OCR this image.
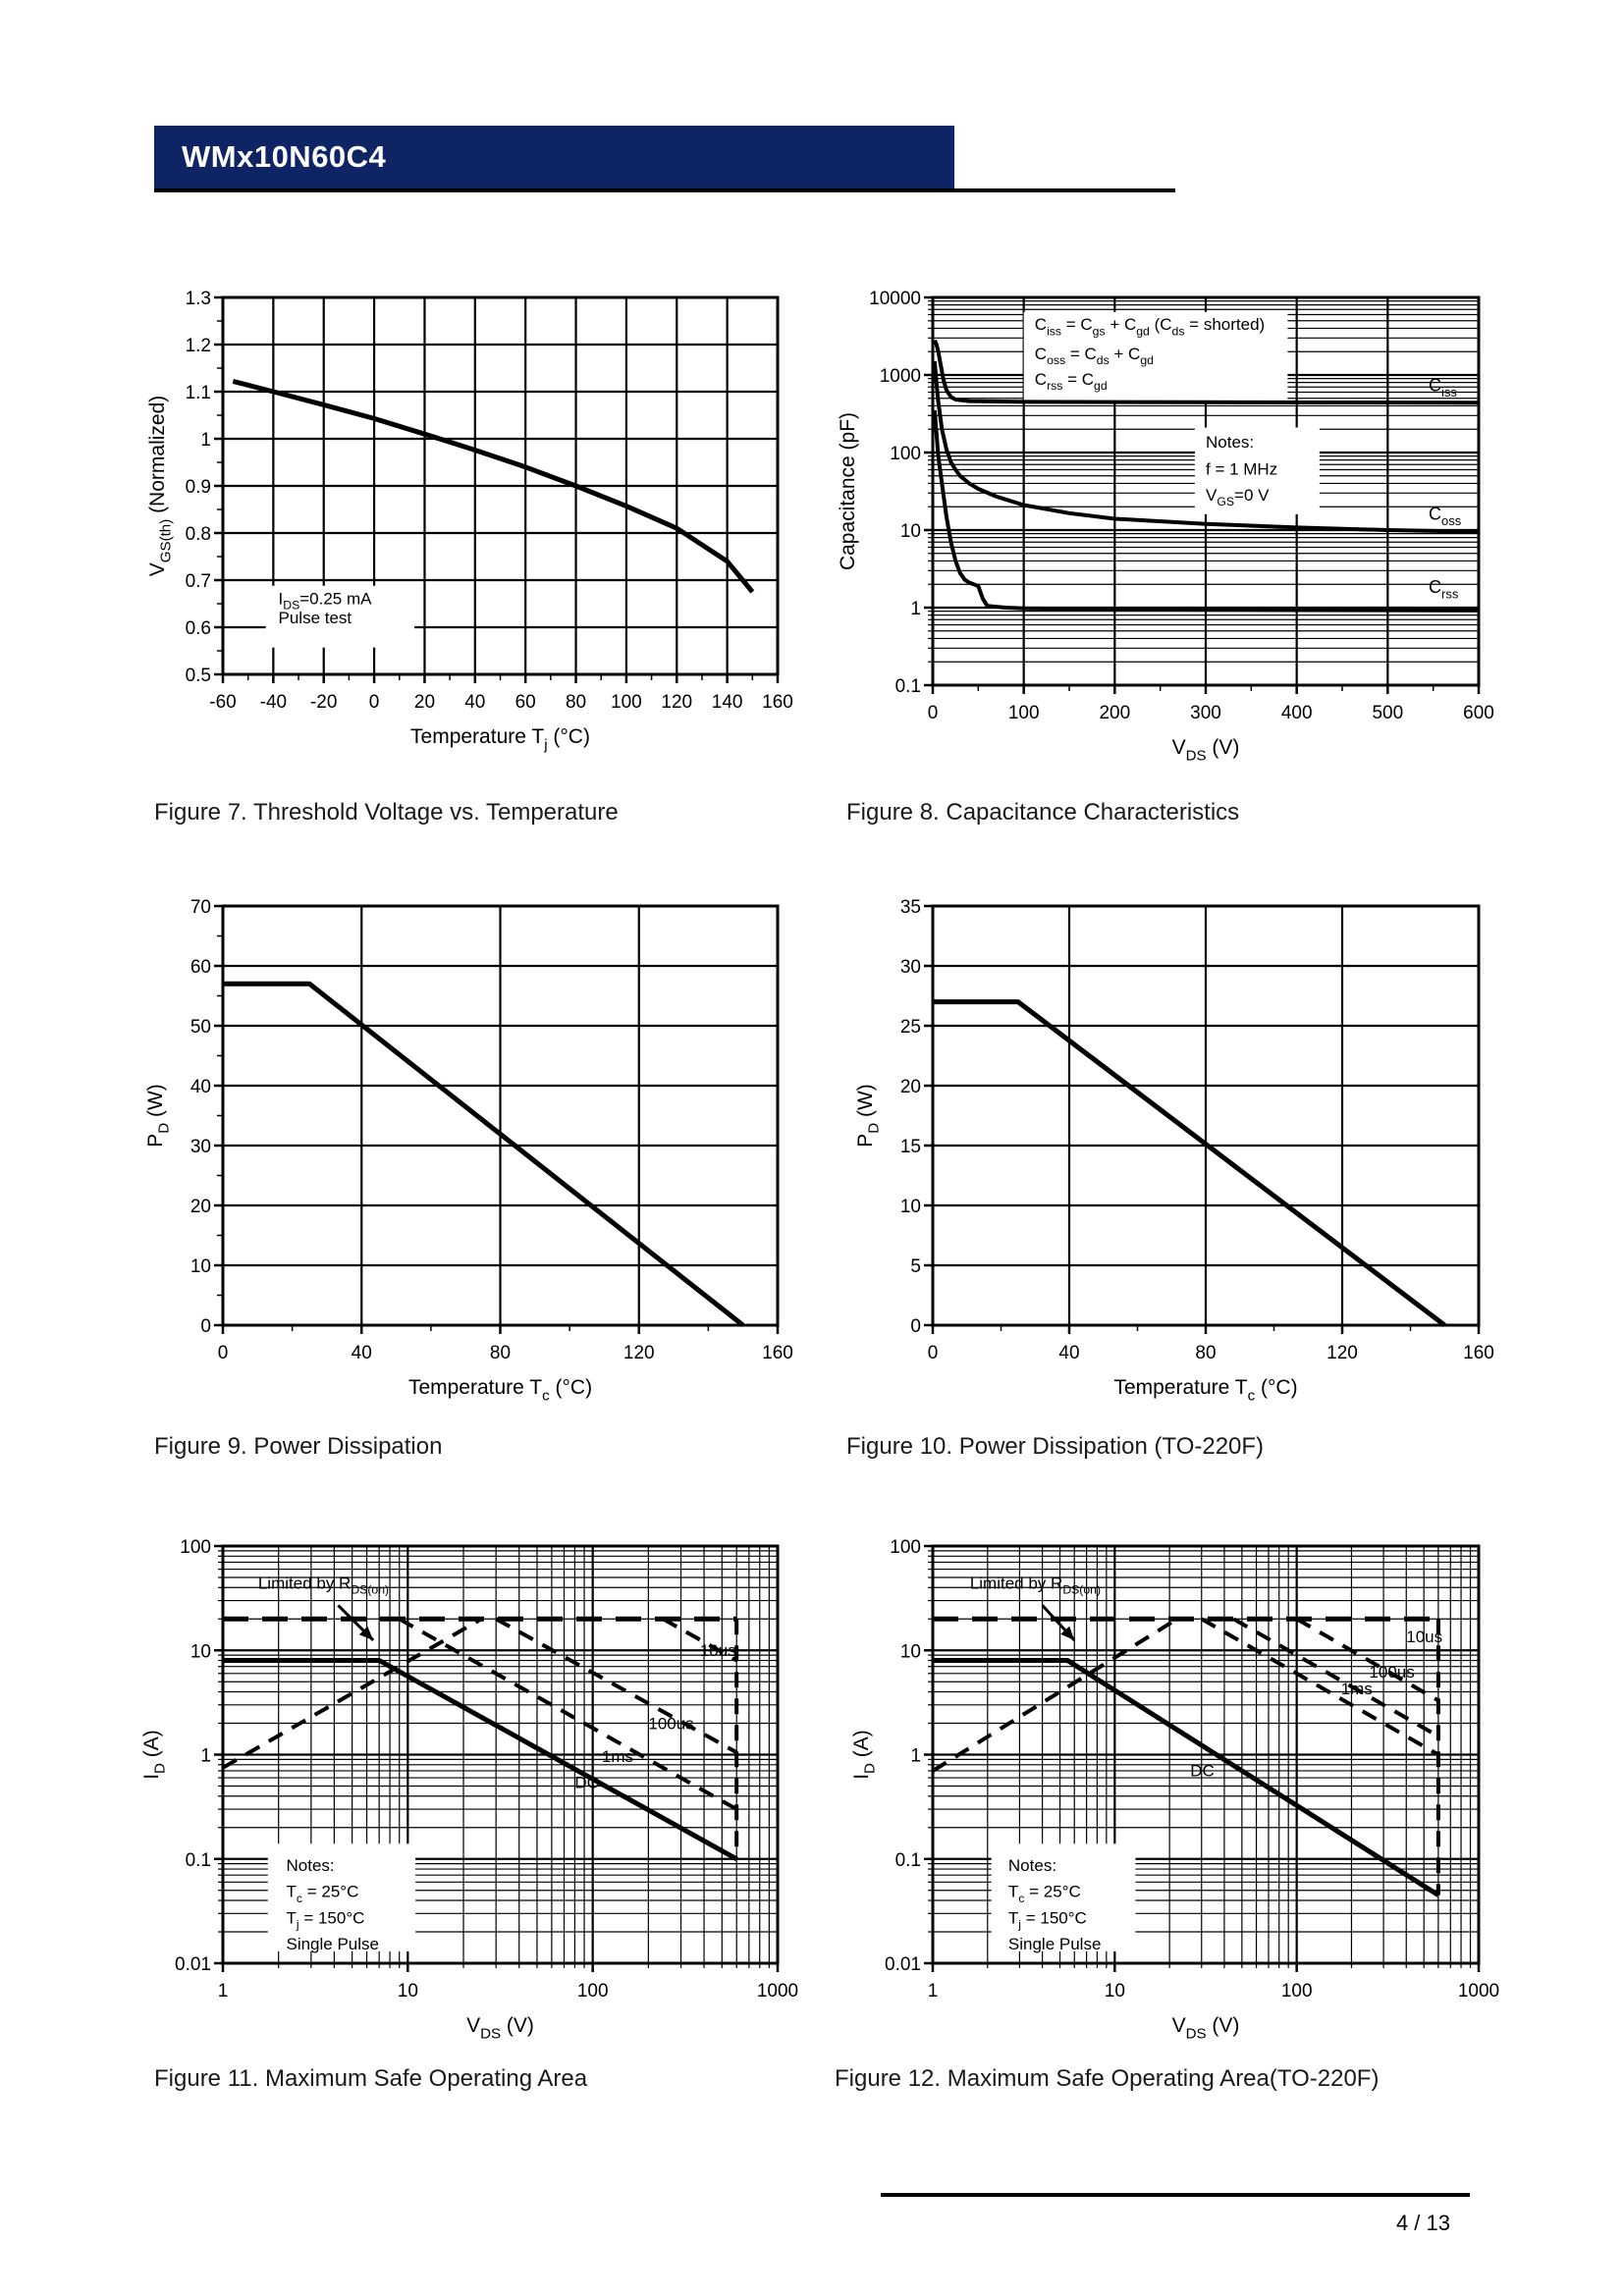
WMx10N60C4
-60 -40 -20 0 20 40 60 80 100 120 140 160
0.5
0.6
0.7
0.8
0.9
1
1.1
1.2
1.3
Temperature $T_j$ (°C)
$V_{GS(th)}$ (Normalized)
$I_{DS}=0.25$ mA
Pulse test
0	100	200	300	400	500	600
0.1
1
10
100
1000
10000
$V_{DS}$ (V)
Capacitance (pF)
$C_{iss} = C_{gs} + C_{gd}$ ($C_{ds}$ = shorted)
$C_{oss} = C_{ds} + C_{gd}$
$C_{rss} = C_{gd}$
Notes:
f = 1 MHz
$V_{GS}=0$ V
$C_{iss}$
$C_{oss}$
$C_{rss}$
0	40	80	120	160
0
10
20
30
40
50
60
70
Temperature $T_c$ (°C)
$P_D$ (W)
0	40	80	120	160
0
5
10
15
20
25
30
35
Temperature $T_c$ (°C)
$P_D$ (W)
1	10	100	1000
0.01
0.1
1
10
100
$V_{DS}$ (V)
$I_D$ (A)
Limited by $R_{DS(on)}$
10us
100us
1ms
DC
Notes:
$T_c = 25^\circ C$
$T_j = 150^\circ C$
Single Pulse
1	10	100	1000
0.01
0.1
1
10
100
$V_{DS}$ (V)
$I_D$ (A)
Limited by $R_{DS(on)}$
10us
100us
1ms
DC
Notes:
$T_c = 25^\circ C$
$T_j = 150^\circ C$
Single Pulse
Figure 7. Threshold Voltage vs. Temperature	Figure 8. Capacitance Characteristics
Figure 9. Power Dissipation	Figure 10. Power Dissipation (TO-220F)
Figure 11. Maximum Safe Operating Area	Figure 12. Maximum Safe Operating Area(TO-220F)
4 / 13
